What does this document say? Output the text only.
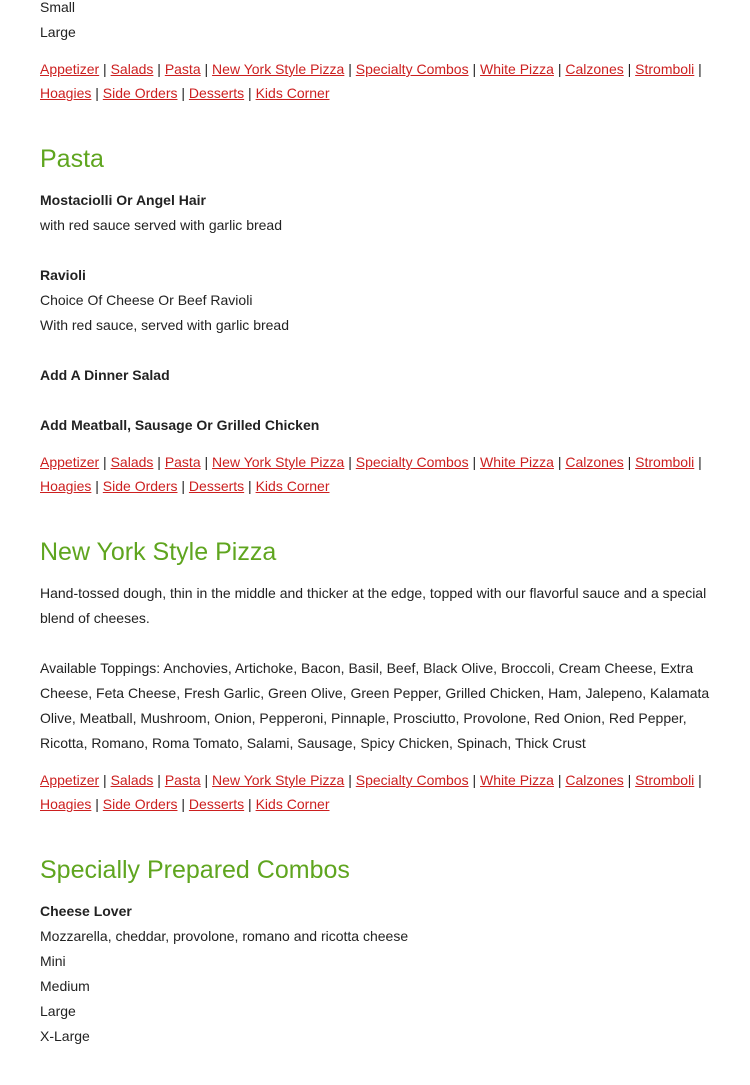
Small

Large

Appetizer | Salads | Pasta | New York Style Pizza | Specialty Combos | White Pizza | Calzones | Stromboli |

Hoagies | Side Orders | Desserts | Kids Corner

Pasta

Mostaciolli Or Angel Hair

with red sauce served with garlic bread

Ravioli

Choice Of Cheese Or Beef Ravioli

With red sauce, served with garlic bread

Add A Dinner Salad

Add Meatball, Sausage Or Grilled Chicken

Appetizer | Salads | Pasta | New York Style Pizza | Specialty Combos | White Pizza | Calzones | Stromboli |

Hoagies | Side Orders | Desserts | Kids Corner

New York Style Pizza

Hand-tossed dough, thin in the middle and thicker at the edge, topped with our flavorful sauce and a special blend of cheeses.

Available Toppings: Anchovies, Artichoke, Bacon, Basil, Beef, Black Olive, Broccoli, Cream Cheese, Extra Cheese, Feta Cheese, Fresh Garlic, Green Olive, Green Pepper, Grilled Chicken, Ham, Jalepeno, Kalamata Olive, Meatball, Mushroom, Onion, Pepperoni, Pinnaple, Prosciutto, Provolone, Red Onion, Red Pepper, Ricotta, Romano, Roma Tomato, Salami, Sausage, Spicy Chicken, Spinach, Thick Crust

Appetizer | Salads | Pasta | New York Style Pizza | Specialty Combos | White Pizza | Calzones | Stromboli |

Hoagies | Side Orders | Desserts | Kids Corner

Specially Prepared Combos

Cheese Lover

Mozzarella, cheddar, provolone, romano and ricotta cheese

Mini

Medium

Large

X-Large
